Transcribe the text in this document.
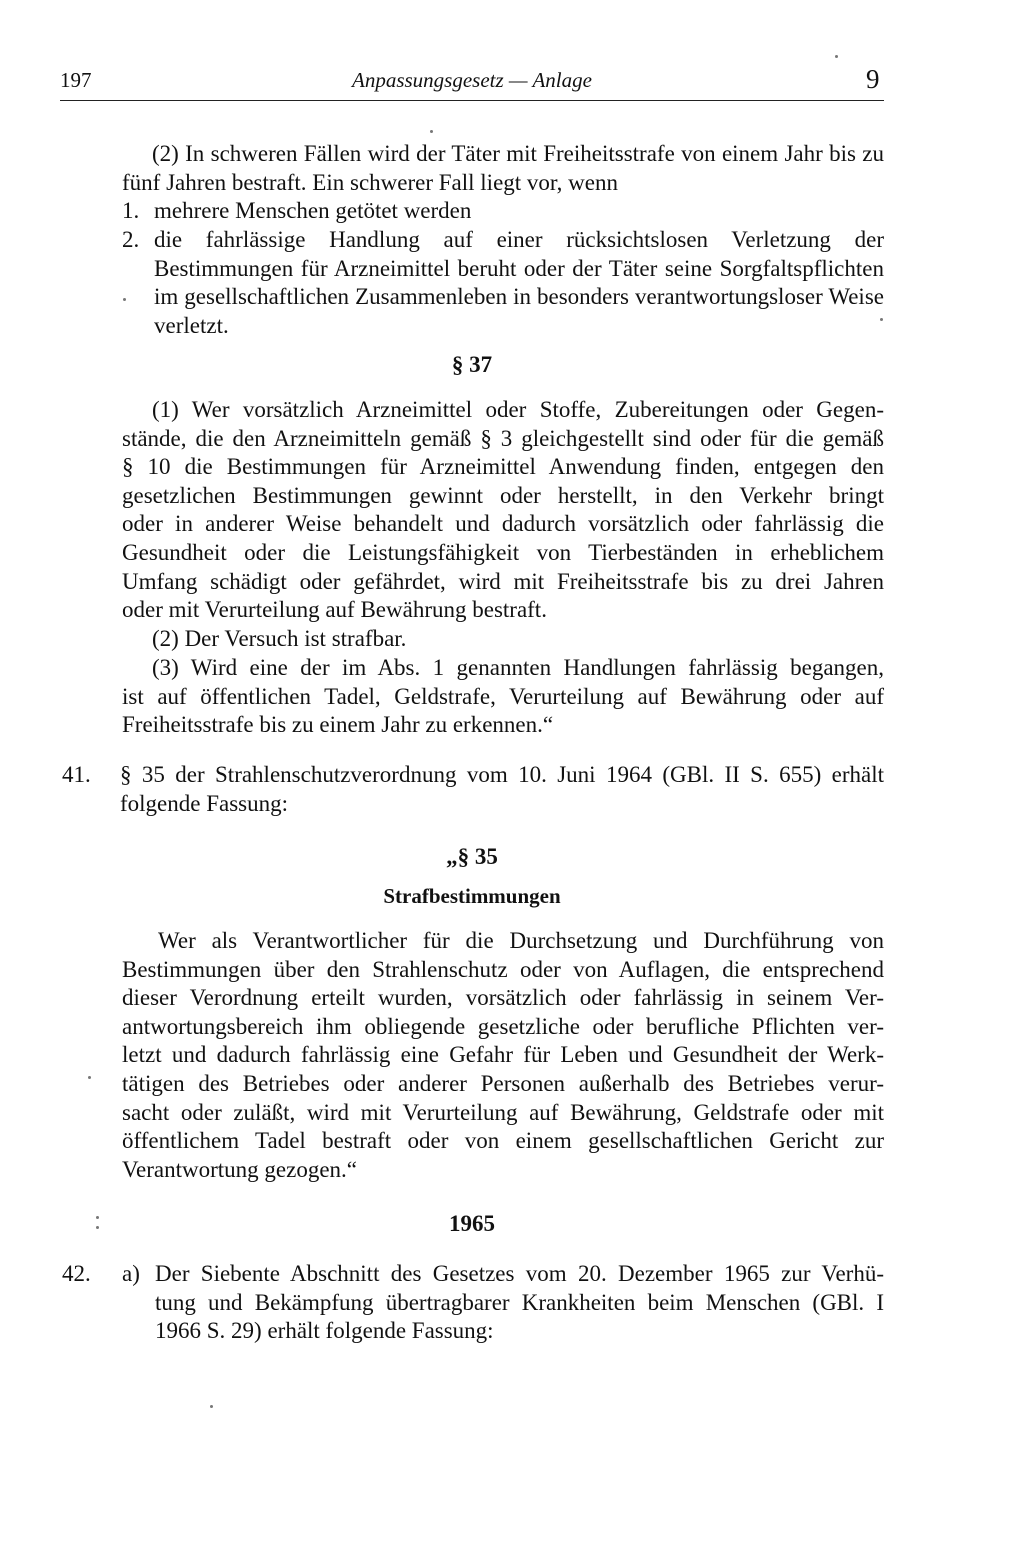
197	Anpassungsgesetz — Anlage	9
(2) In schweren Fällen wird der Täter mit Freiheitsstrafe von einem Jahr bis zu fünf Jahren bestraft. Ein schwerer Fall liegt vor, wenn
1. mehrere Menschen getötet werden
2. die fahrlässige Handlung auf einer rücksichtslosen Verletzung der Bestimmungen für Arzneimittel beruht oder der Täter seine Sorgfaltspflichten im gesellschaftlichen Zusammenleben in besonders verantwortungsloser Weise verletzt.
§ 37

(1) Wer vorsätzlich Arzneimittel oder Stoffe, Zubereitungen oder Gegen-

stände, die den Arzneimitteln gemäß § 3 gleichgestellt sind oder für die gemäß

§ 10 die Bestimmungen für Arzneimittel Anwendung finden, entgegen den

gesetzlichen Bestimmungen gewinnt oder herstellt, in den Verkehr bringt

oder in anderer Weise behandelt und dadurch vorsätzlich oder fahrlässig die

Gesundheit oder die Leistungsfähigkeit von Tierbeständen in erheblichem

Umfang schädigt oder gefährdet, wird mit Freiheitsstrafe bis zu drei Jahren

oder mit Verurteilung auf Bewährung bestraft.

(2) Der Versuch ist strafbar.

(3) Wird eine der im Abs. 1 genannten Handlungen fahrlässig begangen,

ist auf öffentlichen Tadel, Geldstrafe, Verurteilung auf Bewährung oder auf

Freiheitsstrafe bis zu einem Jahr zu erkennen.“

41. § 35 der Strahlenschutzverordnung vom 10. Juni 1964 (GBl. II S. 655) erhält

folgende Fassung:

„§ 35
Strafbestimmungen

Wer als Verantwortlicher für die Durchsetzung und Durchführung von

Bestimmungen über den Strahlenschutz oder von Auflagen, die entsprechend

dieser Verordnung erteilt wurden, vorsätzlich oder fahrlässig in seinem Ver-

antwortungsbereich ihm obliegende gesetzliche oder berufliche Pflichten ver-

letzt und dadurch fahrlässig eine Gefahr für Leben und Gesundheit der Werk-

tätigen des Betriebes oder anderer Personen außerhalb des Betriebes verur-

sacht oder zuläßt, wird mit Verurteilung auf Bewährung, Geldstrafe oder mit

öffentlichem Tadel bestraft oder von einem gesellschaftlichen Gericht zur

Verantwortung gezogen.“

1965
42. a) Der Siebente Abschnitt des Gesetzes vom 20. Dezember 1965 zur Verhü-

tung und Bekämpfung übertragbarer Krankheiten beim Menschen (GBl. I

1966 S. 29) erhält folgende Fassung:
